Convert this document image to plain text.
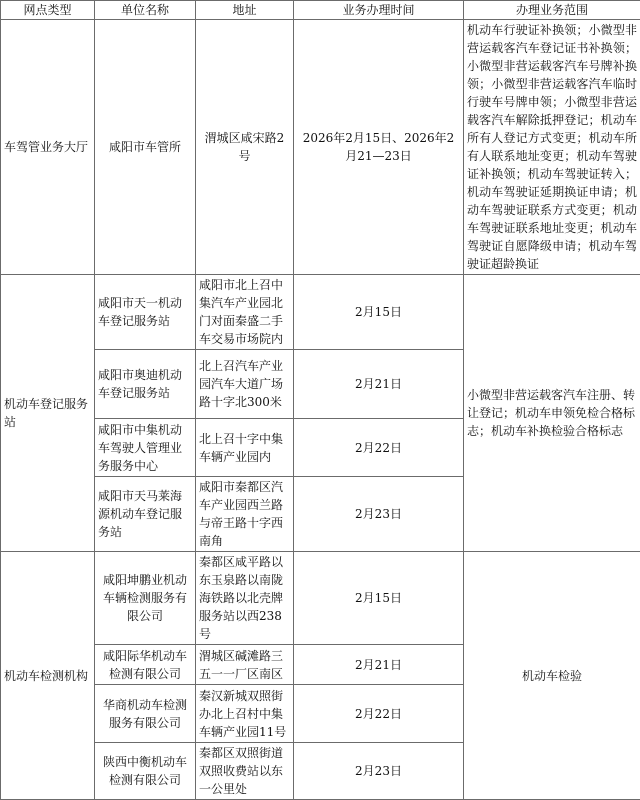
网点类型	单位名称	地址	业务办理时间	办理业务范围
车驾管业务大厅	咸阳市车管所	渭城区咸宋路2号	2026年2月15日、2026年2月21—23日	机动车行驶证补换领；小微型非营运载客汽车登记证书补换领；小微型非营运载客汽车号牌补换领；小微型非营运载客汽车临时行驶车号牌申领；小微型非营运载客汽车解除抵押登记；机动车所有人登记方式变更；机动车所有人联系地址变更；机动车驾驶证补换领；机动车驾驶证转入；机动车驾驶证延期换证申请；机动车驾驶证联系方式变更；机动车驾驶证联系地址变更；机动车驾驶证自愿降级申请；机动车驾驶证超龄换证
机动车登记服务站	咸阳市天一机动车登记服务站	咸阳市北上召中集汽车产业园北门对面秦盛二手车交易市场院内	2月15日	小微型非营运载客汽车注册、转让登记；机动车申领免检合格标志；机动车补换检验合格标志
	咸阳市奥迪机动车登记服务站	北上召汽车产业园汽车大道广场路十字北300米	2月21日	
	咸阳市中集机动车驾驶人管理业务服务中心	北上召十字中集车辆产业园内	2月22日	
	咸阳市天马莱海源机动车登记服务站	咸阳市秦都区汽车产业园西兰路与帝王路十字西南角	2月23日	
机动车检测机构	咸阳坤鹏业机动车辆检测服务有限公司	秦都区咸平路以东玉泉路以南陇海铁路以北壳牌服务站以西238号	2月15日	机动车检验
	咸阳际华机动车检测有限公司	渭城区碱滩路三五一一厂区南区	2月21日	
	华商机动车检测服务有限公司	秦汉新城双照街办北上召村中集车辆产业园11号	2月22日	
	陕西中衡机动车检测有限公司	秦都区双照街道双照收费站以东一公里处	2月23日	
